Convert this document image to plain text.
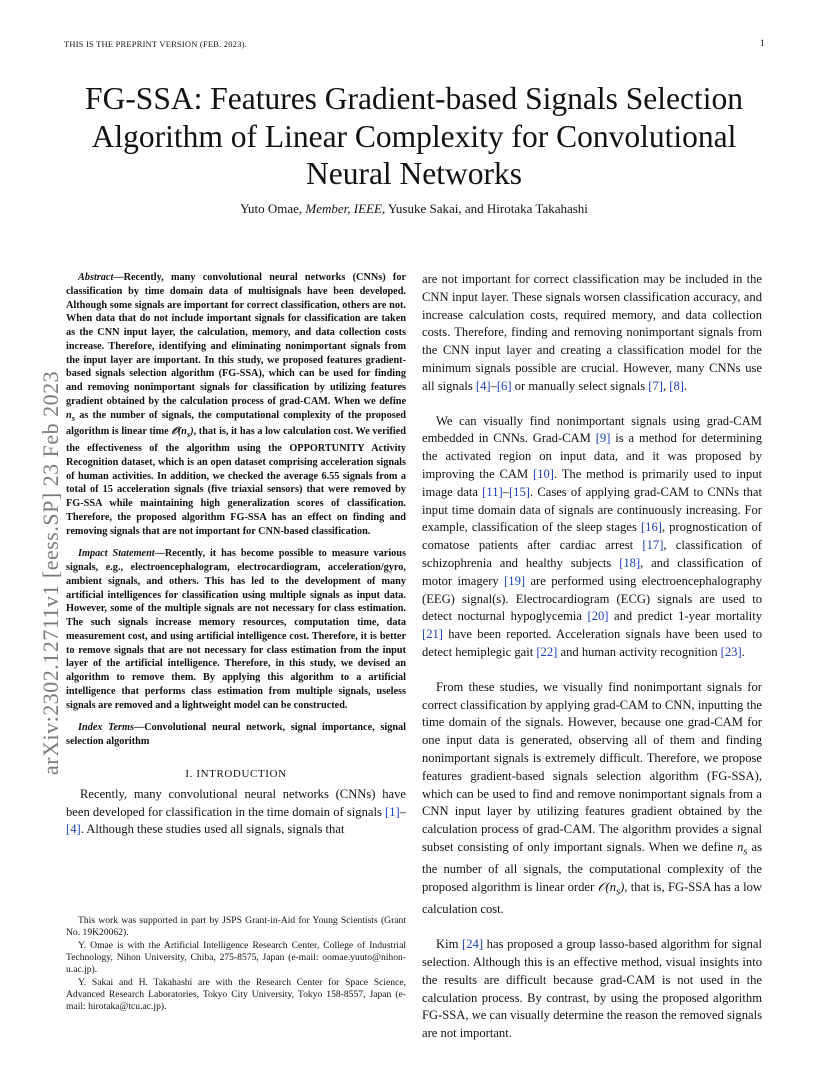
THIS IS THE PREPRINT VERSION (FEB. 2023).	1
arXiv:2302.12711v1 [eess.SP] 23 Feb 2023
FG-SSA: Features Gradient-based Signals Selection Algorithm of Linear Complexity for Convolutional Neural Networks
Yuto Omae, Member, IEEE, Yusuke Sakai, and Hirotaka Takahashi

Abstract—Recently, many convolutional neural networks (CNNs) for classification by time domain data of multisignals have been developed. Although some signals are important for correct classification, others are not. When data that do not include important signals for classification are taken as the CNN input layer, the calculation, memory, and data collection costs increase. Therefore, identifying and eliminating nonimportant signals from the input layer are important. In this study, we proposed features gradient-based signals selection algorithm (FG-SSA), which can be used for finding and removing nonimportant signals for classification by utilizing features gradient obtained by the calculation process of grad-CAM. When we define $n_s$ as the number of signals, the computational complexity of the proposed algorithm is linear time $𝒪(n_s)$, that is, it has a low calculation cost. We verified the effectiveness of the algorithm using the OPPORTUNITY Activity Recognition dataset, which is an open dataset comprising acceleration signals of human activities. In addition, we checked the average 6.55 signals from a total of 15 acceleration signals (five triaxial sensors) that were removed by FG-SSA while maintaining high generalization scores of classification. Therefore, the proposed algorithm FG-SSA has an effect on finding and removing signals that are not important for CNN-based classification.

Impact Statement—Recently, it has become possible to measure various signals, e.g., electroencephalogram, electrocardiogram, acceleration/gyro, ambient signals, and others. This has led to the development of many artificial intelligences for classification using multiple signals as input data. However, some of the multiple signals are not necessary for class estimation. The such signals increase memory resources, computation time, data measurement cost, and using artificial intelligence cost. Therefore, it is better to remove signals that are not necessary for class estimation from the input layer of the artificial intelligence. Therefore, in this study, we devised an algorithm to remove them. By applying this algorithm to a artificial intelligence that performs class estimation from multiple signals, useless signals are removed and a lightweight model can be constructed.

Index Terms—Convolutional neural network, signal importance, signal selection algorithm

I. INTRODUCTION

Recently, many convolutional neural networks (CNNs) have been developed for classification in the time domain of signals [1]–[4]. Although these studies used all signals, signals that

This work was supported in part by JSPS Grant-in-Aid for Young Scientists (Grant No. 19K20062).

Y. Omae is with the Artificial Intelligence Research Center, College of Industrial Technology, Nihon University, Chiba, 275-8575, Japan (e-mail: oomae.yuuto@nihon-u.ac.jp).

Y. Sakai and H. Takahashi are with the Research Center for Space Science, Advanced Research Laboratories, Tokyo City University, Tokyo 158-8557, Japan (e-mail: hirotaka@tcu.ac.jp).

are not important for correct classification may be included in the CNN input layer. These signals worsen classification accuracy, and increase calculation costs, required memory, and data collection costs. Therefore, finding and removing nonimportant signals from the CNN input layer and creating a classification model for the minimum signals possible are crucial. However, many CNNs use all signals [4]–[6] or manually select signals [7], [8].

We can visually find nonimportant signals using grad-CAM embedded in CNNs. Grad-CAM [9] is a method for determining the activated region on input data, and it was proposed by improving the CAM [10]. The method is primarily used to input image data [11]–[15]. Cases of applying grad-CAM to CNNs that input time domain data of signals are continuously increasing. For example, classification of the sleep stages [16], prognostication of comatose patients after cardiac arrest [17], classification of schizophrenia and healthy subjects [18], and classification of motor imagery [19] are performed using electroencephalography (EEG) signal(s). Electrocardiogram (ECG) signals are used to detect nocturnal hypoglycemia [20] and predict 1-year mortality [21] have been reported. Acceleration signals have been used to detect hemiplegic gait [22] and human activity recognition [23].

From these studies, we visually find nonimportant signals for correct classification by applying grad-CAM to CNN, inputting the time domain of the signals. However, because one grad-CAM for one input data is generated, observing all of them and finding nonimportant signals is extremely difficult. Therefore, we propose features gradient-based signals selection algorithm (FG-SSA), which can be used to find and remove nonimportant signals from a CNN input layer by utilizing features gradient obtained by the calculation process of grad-CAM. The algorithm provides a signal subset consisting of only important signals. When we define $n_s$ as the number of all signals, the computational complexity of the proposed algorithm is linear order $𝒪(n_s)$, that is, FG-SSA has a low calculation cost.

Kim [24] has proposed a group lasso-based algorithm for signal selection. Although this is an effective method, visual insights into the results are difficult because grad-CAM is not used in the calculation process. By contrast, by using the proposed algorithm FG-SSA, we can visually determine the reason the removed signals are not important.
